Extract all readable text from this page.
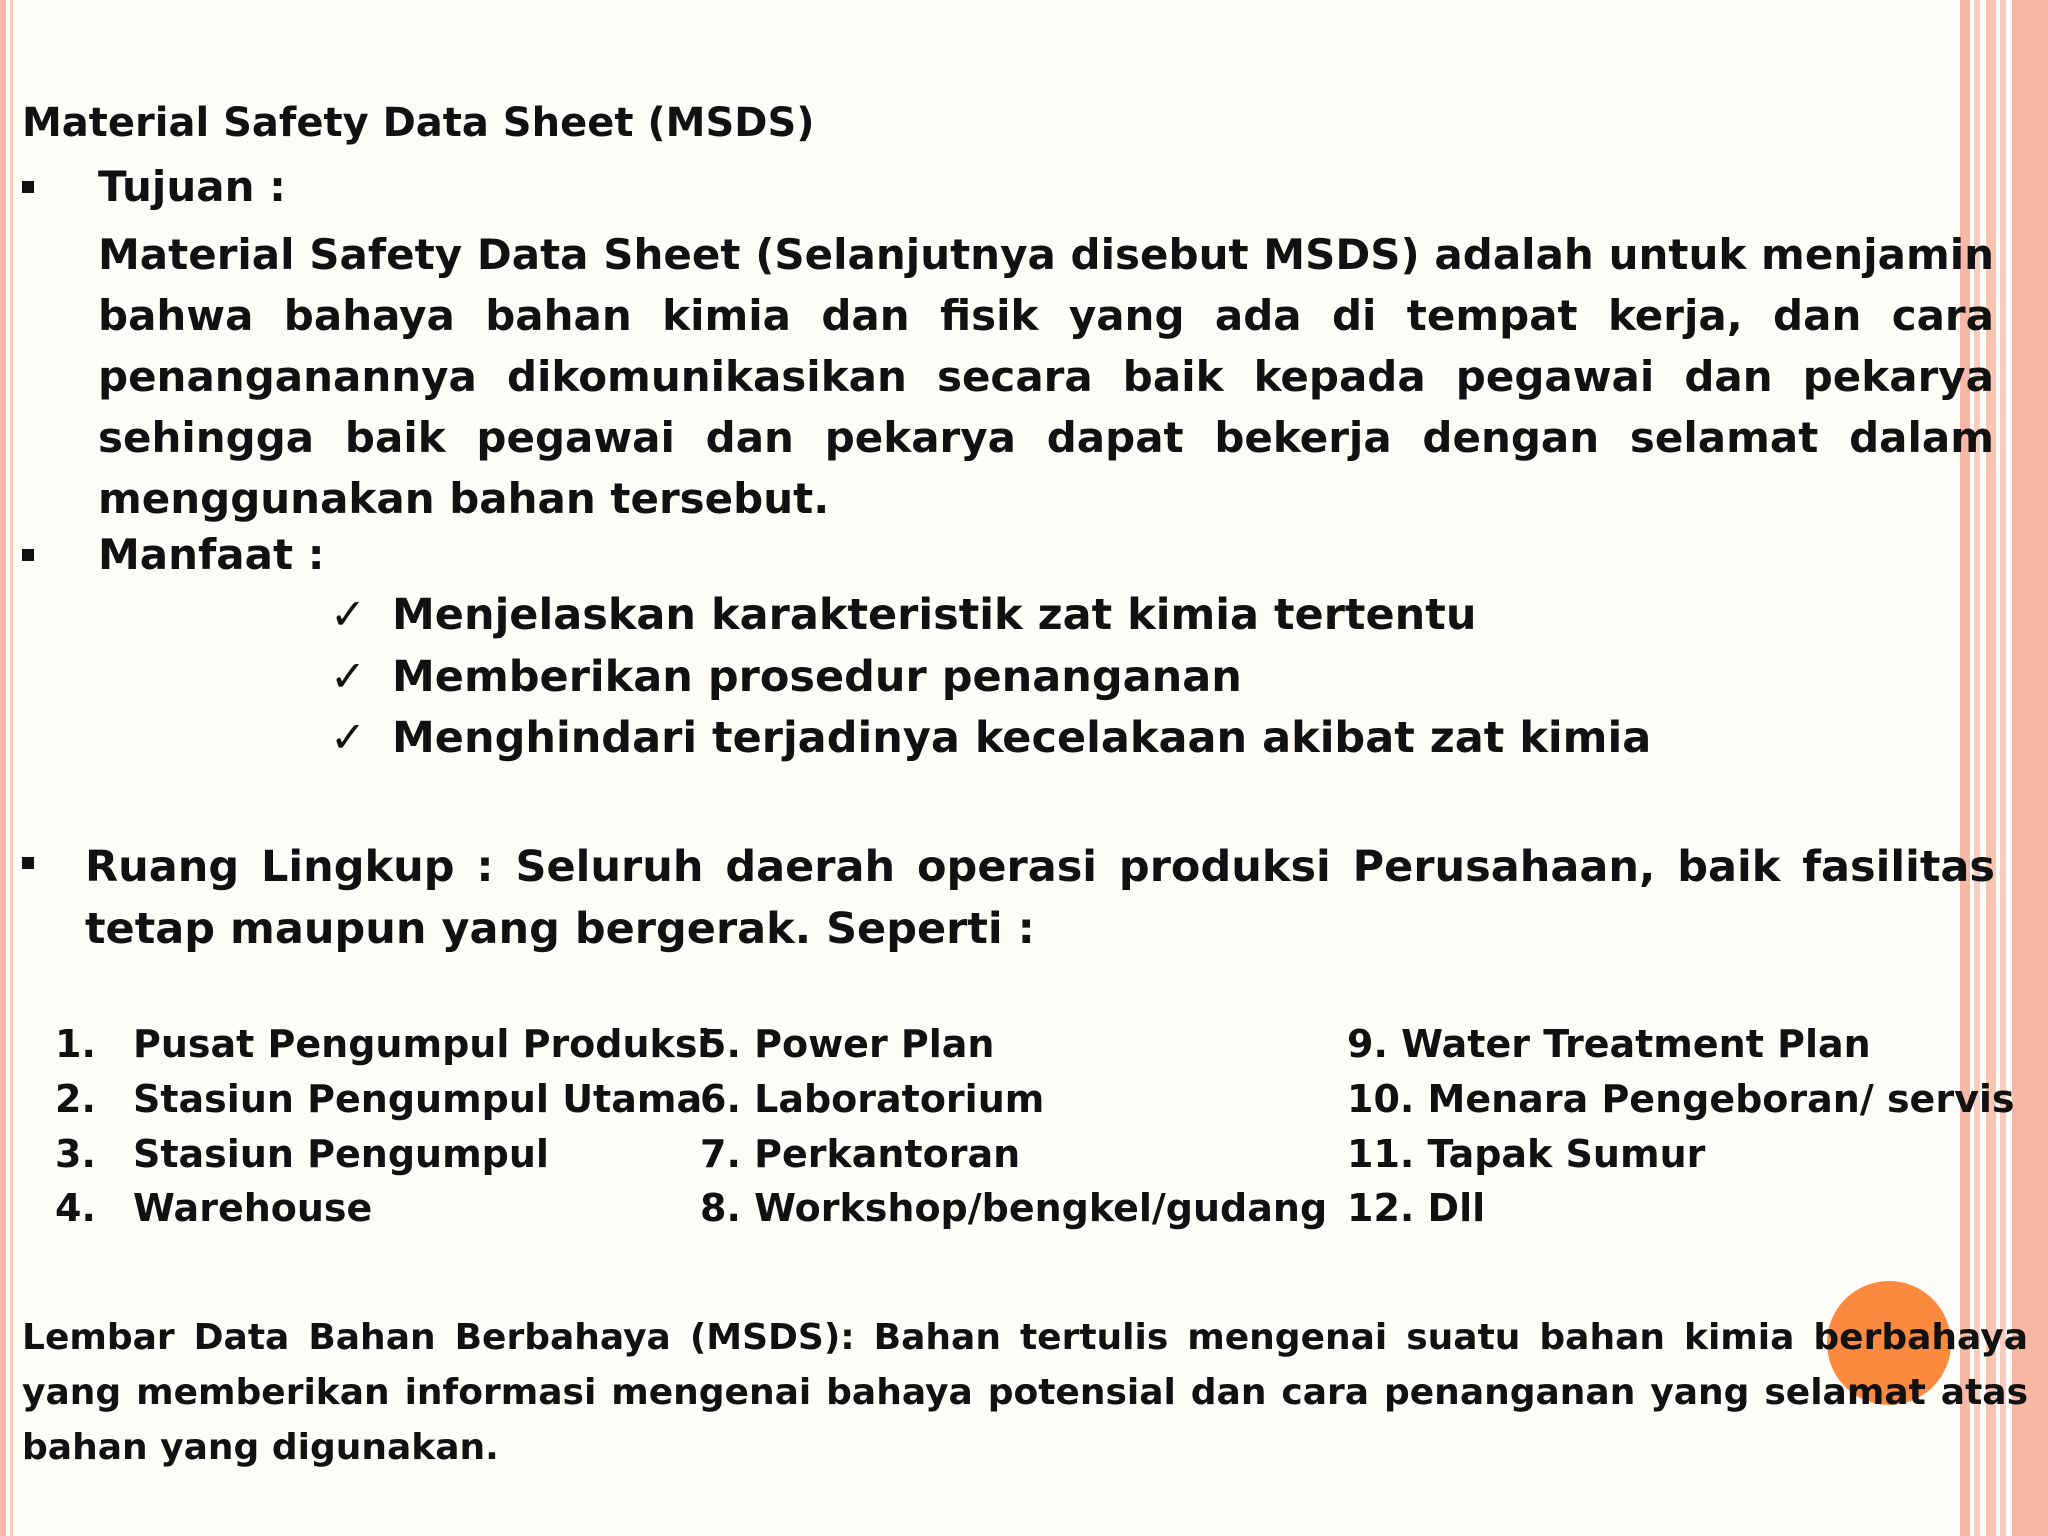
Material Safety Data Sheet (MSDS)
Tujuan :
Material Safety Data Sheet (Selanjutnya disebut MSDS) adalah untuk menjamin bahwa bahaya bahan kimia dan fisik yang ada di tempat kerja, dan cara penanganannya dikomunikasikan secara baik kepada pegawai dan pekarya sehingga baik pegawai dan pekarya dapat bekerja dengan selamat dalam menggunakan bahan tersebut.
Manfaat :
✓ Menjelaskan karakteristik zat kimia tertentu
✓ Memberikan prosedur penanganan
✓ Menghindari terjadinya kecelakaan akibat zat kimia
Ruang Lingkup : Seluruh daerah operasi produksi Perusahaan, baik fasilitas tetap maupun yang bergerak. Seperti :
1. Pusat Pengumpul Produksi
2. Stasiun Pengumpul Utama
3. Stasiun Pengumpul
4. Warehouse
5. Power Plan
6. Laboratorium
7. Perkantoran
8. Workshop/bengkel/gudang
9. Water Treatment Plan
10. Menara Pengeboran/ servis
11. Tapak Sumur
12. Dll
Lembar Data Bahan Berbahaya (MSDS): Bahan tertulis mengenai suatu bahan kimia berbahaya yang memberikan informasi mengenai bahaya potensial dan cara penanganan yang selamat atas bahan yang digunakan.
